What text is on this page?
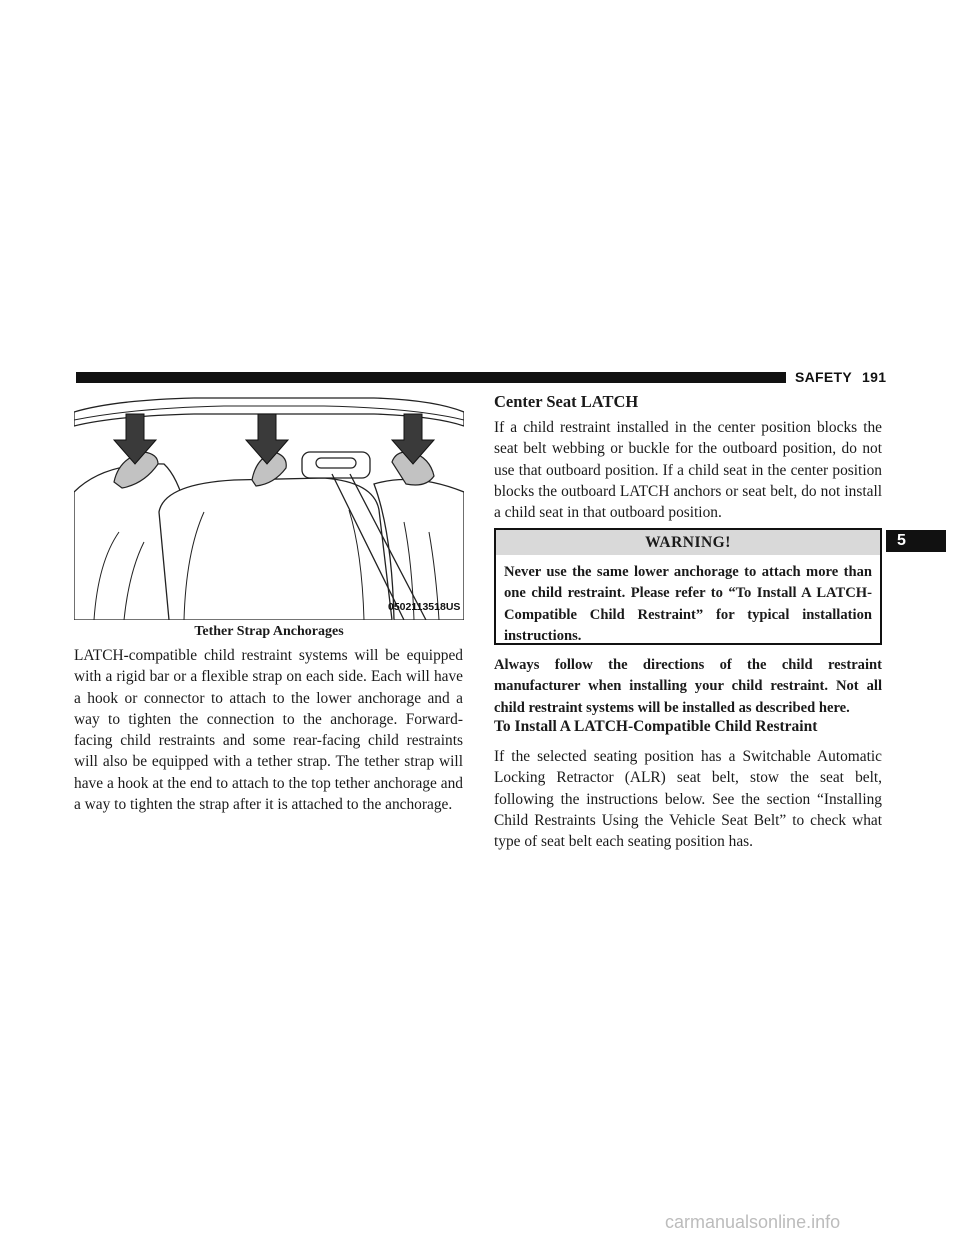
SAFETY 191
5
0502113518US
Tether Strap Anchorages

LATCH-compatible child restraint systems will be equipped with a rigid bar or a flexible strap on each side. Each will have a hook or connector to attach to the lower anchorage and a way to tighten the connection to the anchorage. Forward-facing child restraints and some rear-facing child restraints will also be equipped with a tether strap. The tether strap will have a hook at the end to attach to the top tether anchorage and a way to tighten the strap after it is attached to the anchorage.

Center Seat LATCH

If a child restraint installed in the center position blocks the seat belt webbing or buckle for the outboard position, do not use that outboard position. If a child seat in the center position blocks the outboard LATCH anchors or seat belt, do not install a child seat in that outboard position.

WARNING!
Never use the same lower anchorage to attach more than one child restraint. Please refer to “To Install A LATCH-Compatible Child Restraint” for typical installation instructions.

Always follow the directions of the child restraint manufacturer when installing your child restraint. Not all child restraint systems will be installed as described here.

To Install A LATCH-Compatible Child Restraint

If the selected seating position has a Switchable Automatic Locking Retractor (ALR) seat belt, stow the seat belt, following the instructions below. See the section “Installing Child Restraints Using the Vehicle Seat Belt” to check what type of seat belt each seating position has.

carmanualsonline.info
